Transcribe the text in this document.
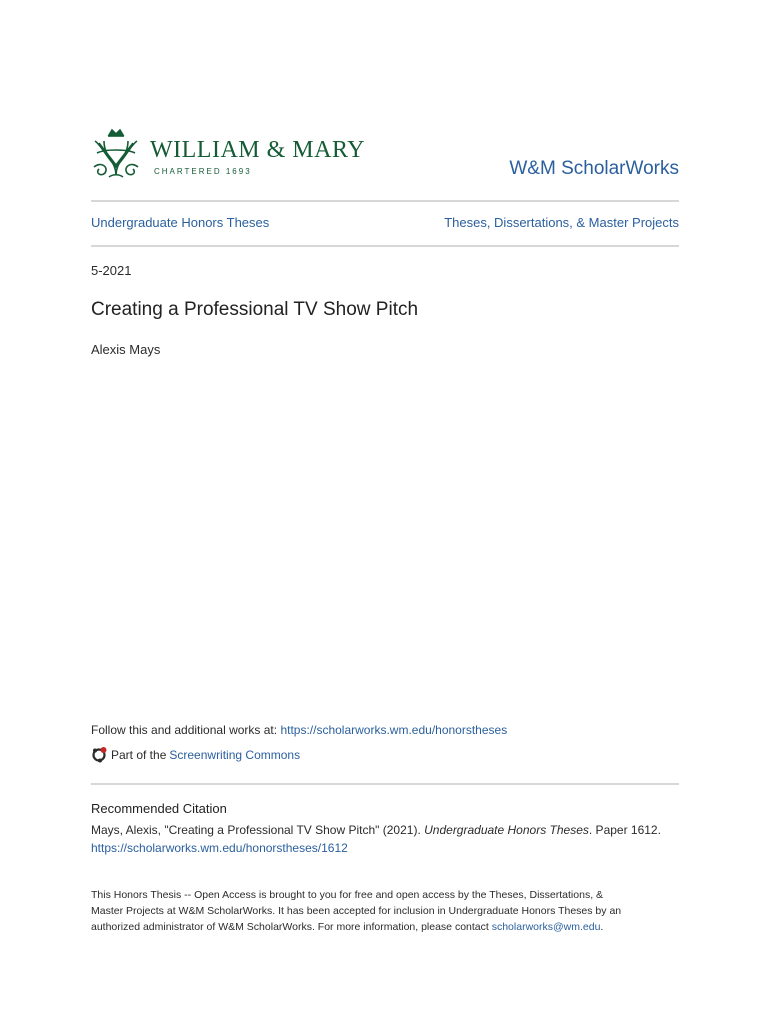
WILLIAM & MARY
CHARTERED 1693	W&M ScholarWorks
Undergraduate Honors Theses	Theses, Dissertations, & Master Projects
5-2021
Creating a Professional TV Show Pitch
Alexis Mays
Follow this and additional works at: https://scholarworks.wm.edu/honorstheses
Part of the Screenwriting Commons
Recommended Citation
Mays, Alexis, "Creating a Professional TV Show Pitch" (2021). Undergraduate Honors Theses. Paper 1612.
https://scholarworks.wm.edu/honorstheses/1612
This Honors Thesis -- Open Access is brought to you for free and open access by the Theses, Dissertations, &
Master Projects at W&M ScholarWorks. It has been accepted for inclusion in Undergraduate Honors Theses by an
authorized administrator of W&M ScholarWorks. For more information, please contact scholarworks@wm.edu.
